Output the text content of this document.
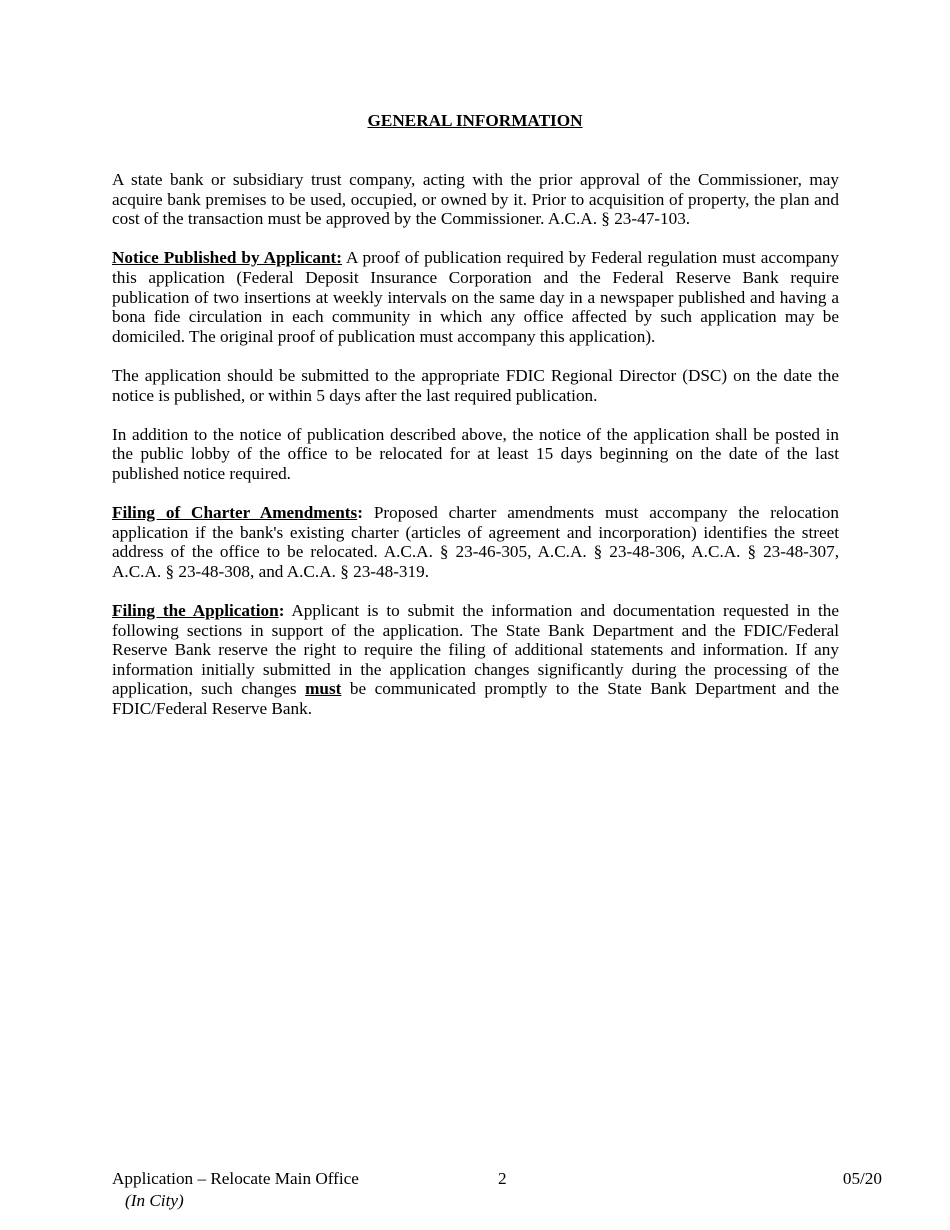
GENERAL INFORMATION

A state bank or subsidiary trust company, acting with the prior approval of the Commissioner, may acquire bank premises to be used, occupied, or owned by it. Prior to acquisition of property, the plan and cost of the transaction must be approved by the Commissioner. A.C.A. § 23-47-103.

Notice Published by Applicant: A proof of publication required by Federal regulation must accompany this application (Federal Deposit Insurance Corporation and the Federal Reserve Bank require publication of two insertions at weekly intervals on the same day in a newspaper published and having a bona fide circulation in each community in which any office affected by such application may be domiciled. The original proof of publication must accompany this application).

The application should be submitted to the appropriate FDIC Regional Director (DSC) on the date the notice is published, or within 5 days after the last required publication.

In addition to the notice of publication described above, the notice of the application shall be posted in the public lobby of the office to be relocated for at least 15 days beginning on the date of the last published notice required.

Filing of Charter Amendments: Proposed charter amendments must accompany the relocation application if the bank's existing charter (articles of agreement and incorporation) identifies the street address of the office to be relocated. A.C.A. § 23-46-305, A.C.A. § 23-48-306, A.C.A. § 23-48-307, A.C.A. § 23-48-308, and A.C.A. § 23-48-319.

Filing the Application: Applicant is to submit the information and documentation requested in the following sections in support of the application. The State Bank Department and the FDIC/Federal Reserve Bank reserve the right to require the filing of additional statements and information. If any information initially submitted in the application changes significantly during the processing of the application, such changes must be communicated promptly to the State Bank Department and the FDIC/Federal Reserve Bank.

Application – Relocate Main Office	2	05/20
(In City)
